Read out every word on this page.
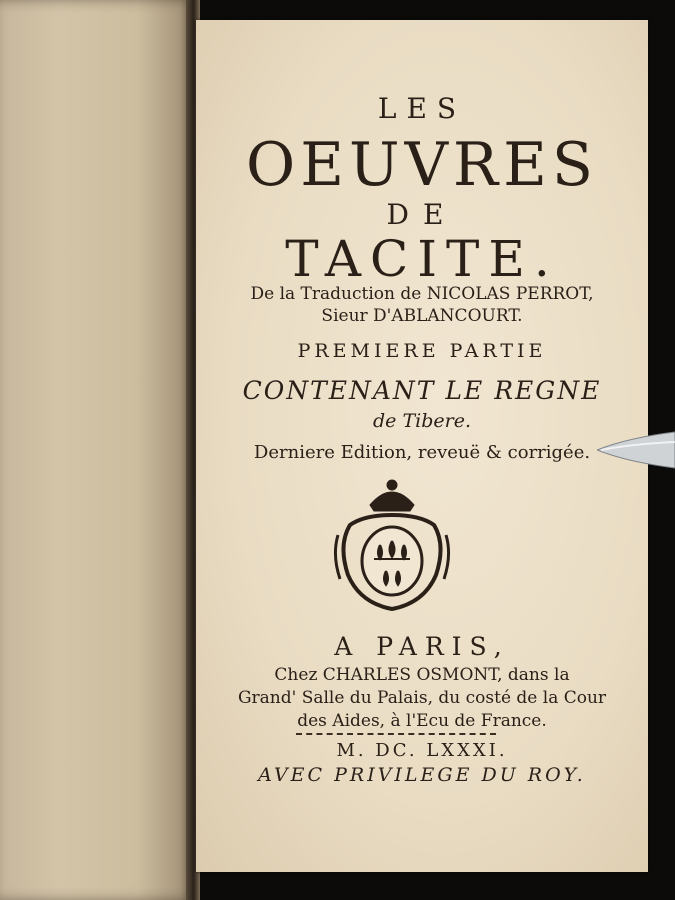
LES
OEUVRES
DE
TACITE.
De la Traduction de NICOLAS PERROT,
Sieur D'ABLANCOURT.
PREMIERE PARTIE
CONTENANT LE REGNE
de Tibere.
Derniere Edition, reveuë & corrigée.
A PARIS,
Chez CHARLES OSMONT, dans la
Grand' Salle du Palais, du costé de la Cour
des Aides, à l'Ecu de France.
M. DC. LXXXI.
AVEC PRIVILEGE DU ROY.
